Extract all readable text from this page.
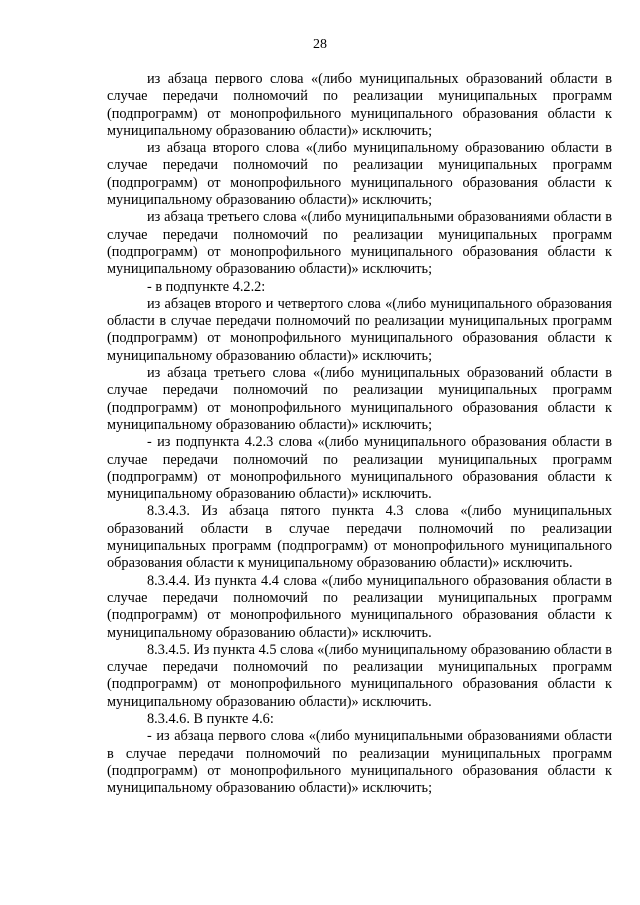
28

из абзаца первого слова «(либо муниципальных образований области в случае передачи полномочий по реализации муниципальных программ (подпрограмм) от монопрофильного муниципального образования области к муниципальному образованию области)» исключить;

из абзаца второго слова «(либо муниципальному образованию области в случае передачи полномочий по реализации муниципальных программ (подпрограмм) от монопрофильного муниципального образования области к муниципальному образованию области)» исключить;

из абзаца третьего слова «(либо муниципальными образованиями области в случае передачи полномочий по реализации муниципальных программ (подпрограмм) от монопрофильного муниципального образования области к муниципальному образованию области)» исключить;

- в подпункте 4.2.2:

из абзацев второго и четвертого слова «(либо муниципального образования области в случае передачи полномочий по реализации муниципальных программ (подпрограмм) от монопрофильного муниципального образования области к муниципальному образованию области)» исключить;

из абзаца третьего слова «(либо муниципальных образований области в случае передачи полномочий по реализации муниципальных программ (подпрограмм) от монопрофильного муниципального образования области к муниципальному образованию области)» исключить;

- из подпункта 4.2.3 слова «(либо муниципального образования области в случае передачи полномочий по реализации муниципальных программ (подпрограмм) от монопрофильного муниципального образования области к муниципальному образованию области)» исключить.

8.3.4.3. Из абзаца пятого пункта 4.3 слова «(либо муниципальных образований области в случае передачи полномочий по реализации муниципальных программ (подпрограмм) от монопрофильного муниципального образования области к муниципальному образованию области)» исключить.

8.3.4.4. Из пункта 4.4 слова «(либо муниципального образования области в случае передачи полномочий по реализации муниципальных программ (подпрограмм) от монопрофильного муниципального образования области к муниципальному образованию области)» исключить.

8.3.4.5. Из пункта 4.5 слова «(либо муниципальному образованию области в случае передачи полномочий по реализации муниципальных программ (подпрограмм) от монопрофильного муниципального образования области к муниципальному образованию области)» исключить.

8.3.4.6. В пункте 4.6:

- из абзаца первого слова «(либо муниципальными образованиями области в случае передачи полномочий по реализации муниципальных программ (подпрограмм) от монопрофильного муниципального образования области к муниципальному образованию области)» исключить;
